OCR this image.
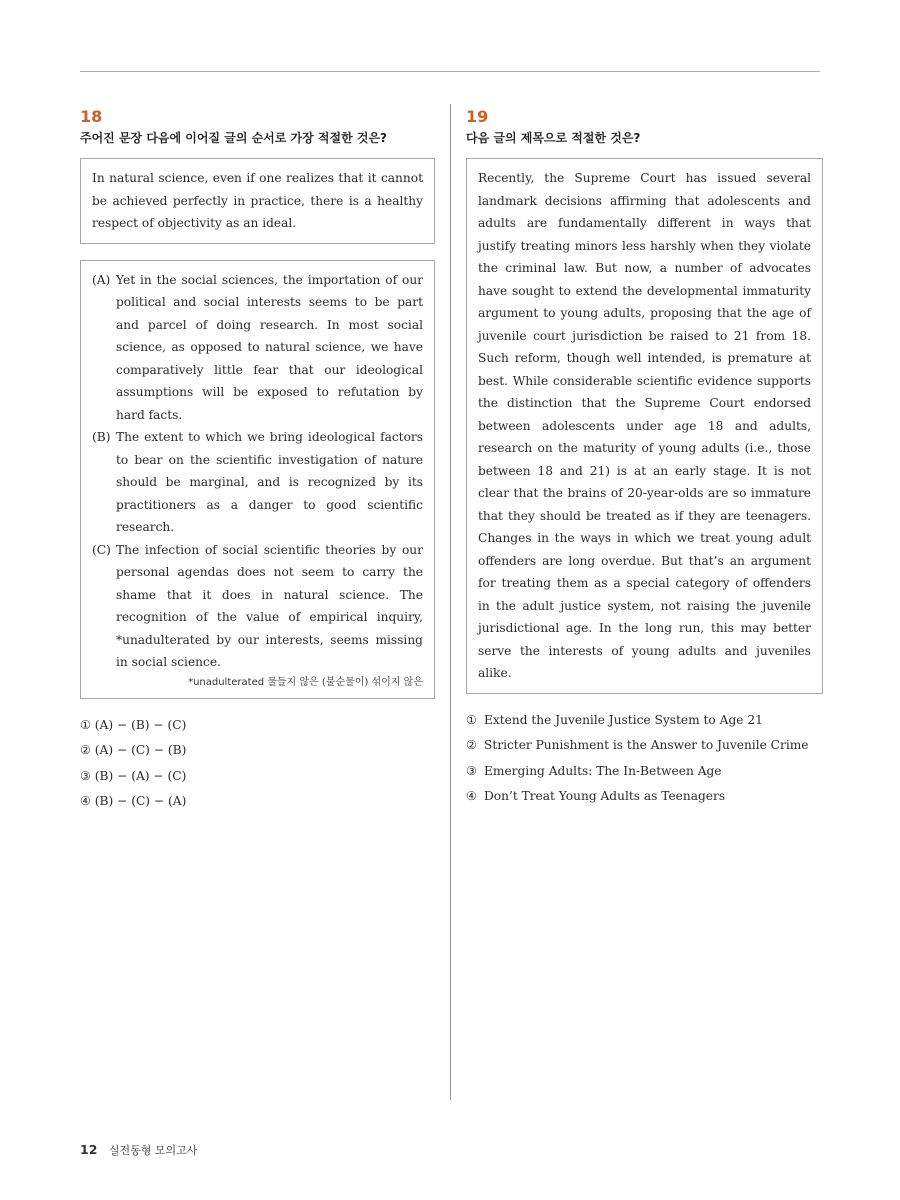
18
주어진 문장 다음에 이어질 글의 순서로 가장 적절한 것은?
In natural science, even if one realizes that it cannot be achieved perfectly in practice, there is a healthy respect of objectivity as an ideal.
(A) Yet in the social sciences, the importation of our political and social interests seems to be part and parcel of doing research. In most social science, as opposed to natural science, we have comparatively little fear that our ideological assumptions will be exposed to refutation by hard facts.
(B) The extent to which we bring ideological factors to bear on the scientific investigation of nature should be marginal, and is recognized by its practitioners as a danger to good scientific research.
(C) The infection of social scientific theories by our personal agendas does not seem to carry the shame that it does in natural science. The recognition of the value of empirical inquiry, *unadulterated by our interests, seems missing in social science.
*unadulterated 물들지 않은 (불순물이) 섞이지 않은
① (A) − (B) − (C)
② (A) − (C) − (B)
③ (B) − (A) − (C)
④ (B) − (C) − (A)
19
다음 글의 제목으로 적절한 것은?
Recently, the Supreme Court has issued several landmark decisions affirming that adolescents and adults are fundamentally different in ways that justify treating minors less harshly when they violate the criminal law. But now, a number of advocates have sought to extend the developmental immaturity argument to young adults, proposing that the age of juvenile court jurisdiction be raised to 21 from 18. Such reform, though well intended, is premature at best. While considerable scientific evidence supports the distinction that the Supreme Court endorsed between adolescents under age 18 and adults, research on the maturity of young adults (i.e., those between 18 and 21) is at an early stage. It is not clear that the brains of 20-year-olds are so immature that they should be treated as if they are teenagers. Changes in the ways in which we treat young adult offenders are long overdue. But that’s an argument for treating them as a special category of offenders in the adult justice system, not raising the juvenile jurisdictional age. In the long run, this may better serve the interests of young adults and juveniles alike.
① Extend the Juvenile Justice System to Age 21
② Stricter Punishment is the Answer to Juvenile Crime
③ Emerging Adults: The In-Between Age
④ Don’t Treat Young Adults as Teenagers
12 실전동형 모의고사
